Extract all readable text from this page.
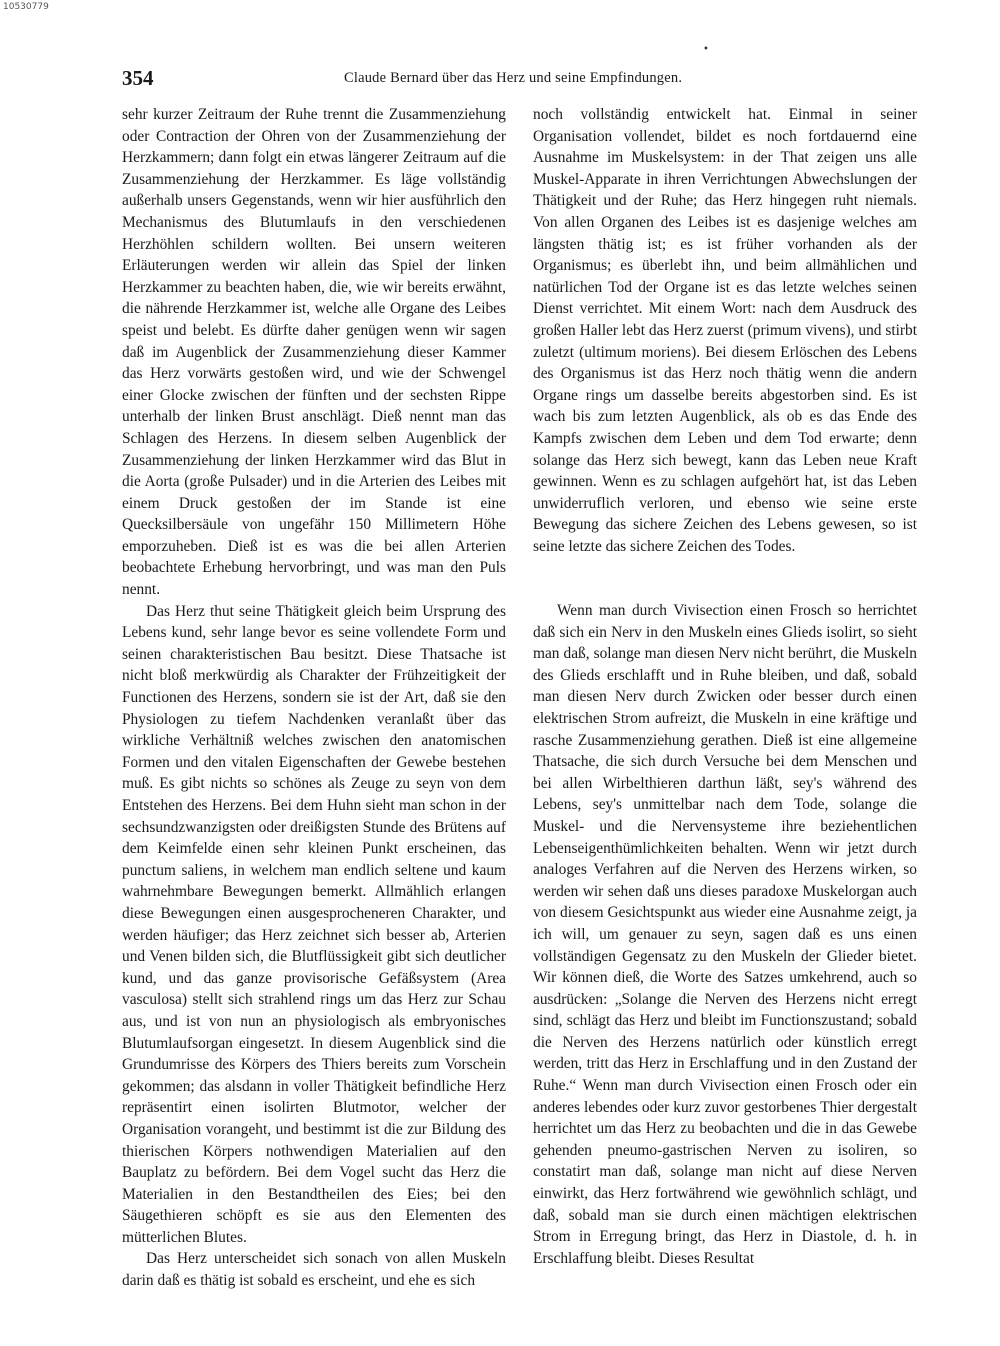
10530779
•
354	Claude Bernard über das Herz und seine Empfindungen.

sehr kurzer Zeitraum der Ruhe trennt die Zusammenziehung oder Contraction der Ohren von der Zusammenziehung der Herzkammern; dann folgt ein etwas längerer Zeitraum auf die Zusammenziehung der Herzkammer. Es läge vollständig außerhalb unsers Gegenstands, wenn wir hier ausführlich den Mechanismus des Blutumlaufs in den verschiedenen Herzhöhlen schildern wollten. Bei unsern weiteren Erläuterungen werden wir allein das Spiel der linken Herzkammer zu beachten haben, die, wie wir bereits erwähnt, die nährende Herzkammer ist, welche alle Organe des Leibes speist und belebt. Es dürfte daher genügen wenn wir sagen daß im Augenblick der Zusammenziehung dieser Kammer das Herz vorwärts gestoßen wird, und wie der Schwengel einer Glocke zwischen der fünften und der sechsten Rippe unterhalb der linken Brust anschlägt. Dieß nennt man das Schlagen des Herzens. In diesem selben Augenblick der Zusammenziehung der linken Herzkammer wird das Blut in die Aorta (große Pulsader) und in die Arterien des Leibes mit einem Druck gestoßen der im Stande ist eine Quecksilbersäule von ungefähr 150 Millimetern Höhe emporzuheben. Dieß ist es was die bei allen Arterien beobachtete Erhebung hervorbringt, und was man den Puls nennt.

Das Herz thut seine Thätigkeit gleich beim Ursprung des Lebens kund, sehr lange bevor es seine vollendete Form und seinen charakteristischen Bau besitzt. Diese Thatsache ist nicht bloß merkwürdig als Charakter der Frühzeitigkeit der Functionen des Herzens, sondern sie ist der Art, daß sie den Physiologen zu tiefem Nachdenken veranlaßt über das wirkliche Verhältniß welches zwischen den anatomischen Formen und den vitalen Eigenschaften der Gewebe bestehen muß. Es gibt nichts so schönes als Zeuge zu seyn von dem Entstehen des Herzens. Bei dem Huhn sieht man schon in der sechsundzwanzigsten oder dreißigsten Stunde des Brütens auf dem Keimfelde einen sehr kleinen Punkt erscheinen, das punctum saliens, in welchem man endlich seltene und kaum wahrnehmbare Bewegungen bemerkt. Allmählich erlangen diese Bewegungen einen ausgesprocheneren Charakter, und werden häufiger; das Herz zeichnet sich besser ab, Arterien und Venen bilden sich, die Blutflüssigkeit gibt sich deutlicher kund, und das ganze provisorische Gefäßsystem (Area vasculosa) stellt sich strahlend rings um das Herz zur Schau aus, und ist von nun an physiologisch als embryonisches Blutumlaufsorgan eingesetzt. In diesem Augenblick sind die Grundumrisse des Körpers des Thiers bereits zum Vorschein gekommen; das alsdann in voller Thätigkeit befindliche Herz repräsentirt einen isolirten Blutmotor, welcher der Organisation vorangeht, und bestimmt ist die zur Bildung des thierischen Körpers nothwendigen Materialien auf den Bauplatz zu befördern. Bei dem Vogel sucht das Herz die Materialien in den Bestandtheilen des Eies; bei den Säugethieren schöpft es sie aus den Elementen des mütterlichen Blutes.

Das Herz unterscheidet sich sonach von allen Muskeln darin daß es thätig ist sobald es erscheint, und ehe es sich

noch vollständig entwickelt hat. Einmal in seiner Organisation vollendet, bildet es noch fortdauernd eine Ausnahme im Muskelsystem: in der That zeigen uns alle Muskel-Apparate in ihren Verrichtungen Abwechslungen der Thätigkeit und der Ruhe; das Herz hingegen ruht niemals. Von allen Organen des Leibes ist es dasjenige welches am längsten thätig ist; es ist früher vorhanden als der Organismus; es überlebt ihn, und beim allmählichen und natürlichen Tod der Organe ist es das letzte welches seinen Dienst verrichtet. Mit einem Wort: nach dem Ausdruck des großen Haller lebt das Herz zuerst (primum vivens), und stirbt zuletzt (ultimum moriens). Bei diesem Erlöschen des Lebens des Organismus ist das Herz noch thätig wenn die andern Organe rings um dasselbe bereits abgestorben sind. Es ist wach bis zum letzten Augenblick, als ob es das Ende des Kampfs zwischen dem Leben und dem Tod erwarte; denn solange das Herz sich bewegt, kann das Leben neue Kraft gewinnen. Wenn es zu schlagen aufgehört hat, ist das Leben unwiderruflich verloren, und ebenso wie seine erste Bewegung das sichere Zeichen des Lebens gewesen, so ist seine letzte das sichere Zeichen des Todes.

Wenn man durch Vivisection einen Frosch so herrichtet daß sich ein Nerv in den Muskeln eines Glieds isolirt, so sieht man daß, solange man diesen Nerv nicht berührt, die Muskeln des Glieds erschlafft und in Ruhe bleiben, und daß, sobald man diesen Nerv durch Zwicken oder besser durch einen elektrischen Strom aufreizt, die Muskeln in eine kräftige und rasche Zusammenziehung gerathen. Dieß ist eine allgemeine Thatsache, die sich durch Versuche bei dem Menschen und bei allen Wirbelthieren darthun läßt, sey's während des Lebens, sey's unmittelbar nach dem Tode, solange die Muskel- und die Nervensysteme ihre beziehentlichen Lebenseigenthümlichkeiten behalten. Wenn wir jetzt durch analoges Verfahren auf die Nerven des Herzens wirken, so werden wir sehen daß uns dieses paradoxe Muskelorgan auch von diesem Gesichtspunkt aus wieder eine Ausnahme zeigt, ja ich will, um genauer zu seyn, sagen daß es uns einen vollständigen Gegensatz zu den Muskeln der Glieder bietet. Wir können dieß, die Worte des Satzes umkehrend, auch so ausdrücken: „Solange die Nerven des Herzens nicht erregt sind, schlägt das Herz und bleibt im Functionszustand; sobald die Nerven des Herzens natürlich oder künstlich erregt werden, tritt das Herz in Erschlaffung und in den Zustand der Ruhe.“ Wenn man durch Vivisection einen Frosch oder ein anderes lebendes oder kurz zuvor gestorbenes Thier dergestalt herrichtet um das Herz zu beobachten und die in das Gewebe gehenden pneumo-gastrischen Nerven zu isoliren, so constatirt man daß, solange man nicht auf diese Nerven einwirkt, das Herz fortwährend wie gewöhnlich schlägt, und daß, sobald man sie durch einen mächtigen elektrischen Strom in Erregung bringt, das Herz in Diastole, d. h. in Erschlaffung bleibt. Dieses Resultat
